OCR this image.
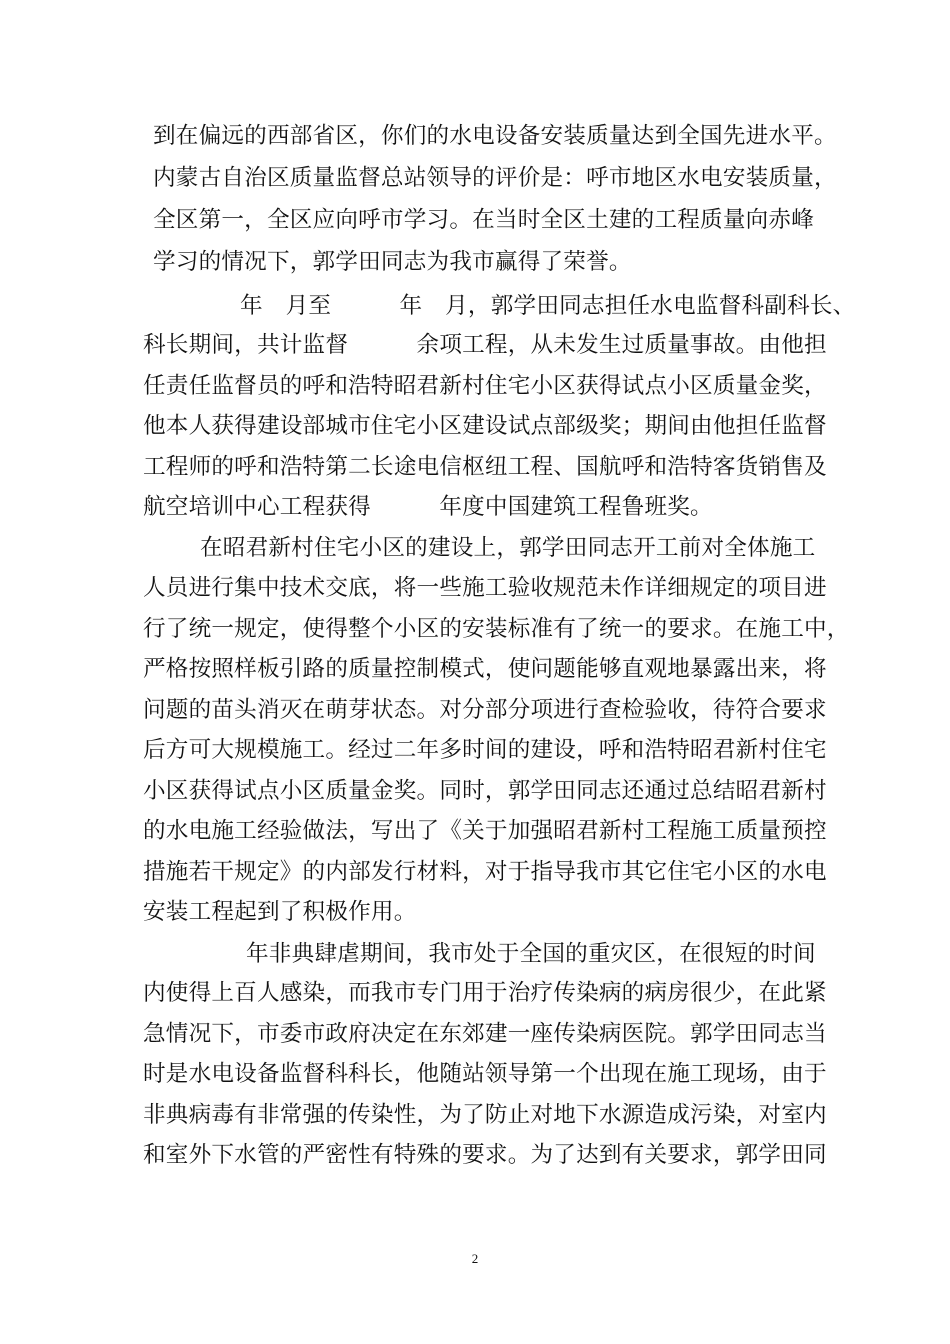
到在偏远的西部省区，你们的水电设备安装质量达到全国先进水平。
内蒙古自治区质量监督总站领导的评价是：呼市地区水电安装质量，
全区第一，全区应向呼市学习。在当时全区土建的工程质量向赤峰
学习的情况下，郭学田同志为我市赢得了荣誉。
年　月至　　　年　月，郭学田同志担任水电监督科副科长、
科长期间，共计监督　　　余项工程，从未发生过质量事故。由他担
任责任监督员的呼和浩特昭君新村住宅小区获得试点小区质量金奖，
他本人获得建设部城市住宅小区建设试点部级奖；期间由他担任监督
工程师的呼和浩特第二长途电信枢纽工程、国航呼和浩特客货销售及
航空培训中心工程获得　　　年度中国建筑工程鲁班奖。
在昭君新村住宅小区的建设上，郭学田同志开工前对全体施工
人员进行集中技术交底，将一些施工验收规范未作详细规定的项目进
行了统一规定，使得整个小区的安装标准有了统一的要求。在施工中，
严格按照样板引路的质量控制模式，使问题能够直观地暴露出来，将
问题的苗头消灭在萌芽状态。对分部分项进行查检验收，待符合要求
后方可大规模施工。经过二年多时间的建设，呼和浩特昭君新村住宅
小区获得试点小区质量金奖。同时，郭学田同志还通过总结昭君新村
的水电施工经验做法，写出了《关于加强昭君新村工程施工质量预控
措施若干规定》的内部发行材料，对于指导我市其它住宅小区的水电
安装工程起到了积极作用。
年非典肆虐期间，我市处于全国的重灾区，在很短的时间
内使得上百人感染，而我市专门用于治疗传染病的病房很少，在此紧
急情况下，市委市政府决定在东郊建一座传染病医院。郭学田同志当
时是水电设备监督科科长，他随站领导第一个出现在施工现场，由于
非典病毒有非常强的传染性，为了防止对地下水源造成污染，对室内
和室外下水管的严密性有特殊的要求。为了达到有关要求，郭学田同
2
